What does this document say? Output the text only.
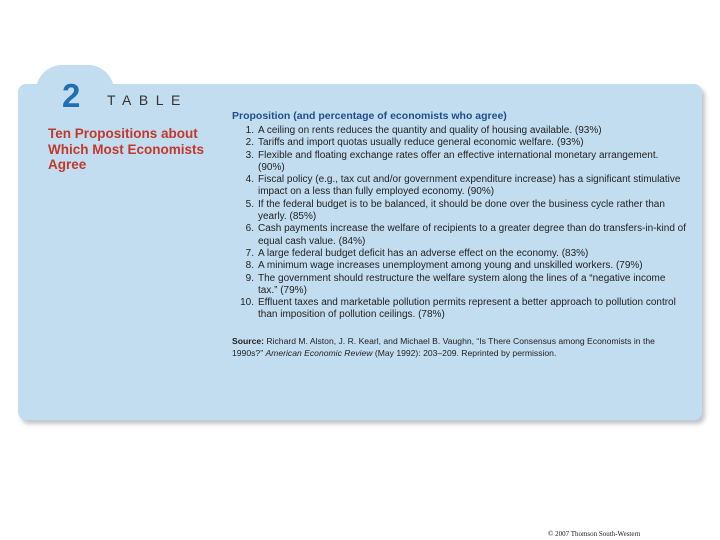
2 TABLE
Ten Propositions about Which Most Economists Agree
Proposition (and percentage of economists who agree)
1. A ceiling on rents reduces the quantity and quality of housing available. (93%)
2. Tariffs and import quotas usually reduce general economic welfare. (93%)
3. Flexible and floating exchange rates offer an effective international monetary arrangement. (90%)
4. Fiscal policy (e.g., tax cut and/or government expenditure increase) has a significant stimulative impact on a less than fully employed economy. (90%)
5. If the federal budget is to be balanced, it should be done over the business cycle rather than yearly. (85%)
6. Cash payments increase the welfare of recipients to a greater degree than do transfers-in-kind of equal cash value. (84%)
7. A large federal budget deficit has an adverse effect on the economy. (83%)
8. A minimum wage increases unemployment among young and unskilled workers. (79%)
9. The government should restructure the welfare system along the lines of a “negative income tax.” (79%)
10. Effluent taxes and marketable pollution permits represent a better approach to pollution control than imposition of pollution ceilings. (78%)
Source: Richard M. Alston, J. R. Kearl, and Michael B. Vaughn, “Is There Consensus among Economists in the 1990s?” American Economic Review (May 1992): 203–209. Reprinted by permission.
© 2007 Thomson South-Western
